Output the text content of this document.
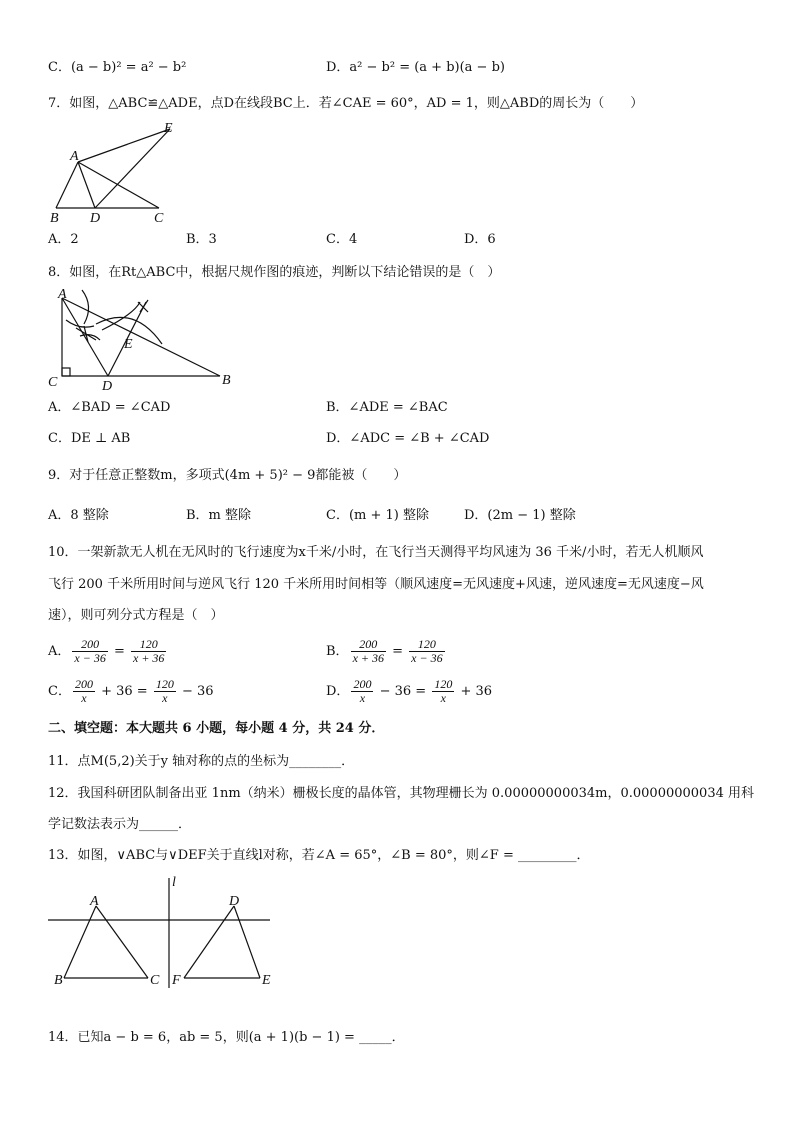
C．(a − b)² = a² − b²	D．a² − b² = (a + b)(a − b)
7．如图，△ABC≌△ADE，点D在线段BC上．若∠CAE = 60°，AD = 1，则△ABD的周长为（　　）
A
B D	C
E
A．2	B．3	C．4	D．6
8．如图，在Rt△ABC中，根据尺规作图的痕迹，判断以下结论错误的是（　）
A
C	D	B
E
A．∠BAD = ∠CAD	B．∠ADE = ∠BAC
C．DE ⊥ AB	D．∠ADC = ∠B + ∠CAD
9．对于任意正整数m，多项式(4m + 5)² − 9都能被（　　）
A．8 整除	B．m 整除	C．(m + 1) 整除	D．(2m − 1) 整除
10．一架新款无人机在无风时的飞行速度为x千米/小时，在飞行当天测得平均风速为 36 千米/小时，若无人机顺风
飞行 200 千米所用时间与逆风飞行 120 千米所用时间相等（顺风速度=无风速度+风速，逆风速度=无风速度−风
速），则可列分式方程是（　）
A． $\frac{200}{x - 36} = \frac{120}{x + 36}$	B． $\frac{200}{x + 36} = \frac{120}{x - 36}$
C． $\frac{200}{x} + 36 = \frac{120}{x} - 36$	D． $\frac{200}{x} - 36 = \frac{120}{x} + 36$
二、填空题：本大题共 6 小题，每小题 4 分，共 24 分．
11．点M(5,2)关于y 轴对称的点的坐标为________．
12．我国科研团队制备出亚 1nm（纳米）栅极长度的晶体管，其物理栅长为 0.00000000034m，0.00000000034 用科
学记数法表示为______．
13．如图，∨ABC与∨DEF关于直线l对称，若∠A = 65°，∠B = 80°，则∠F = _________．
l
A
B	C
D
F	E
14．已知a − b = 6，ab = 5，则(a + 1)(b − 1) = _____．
